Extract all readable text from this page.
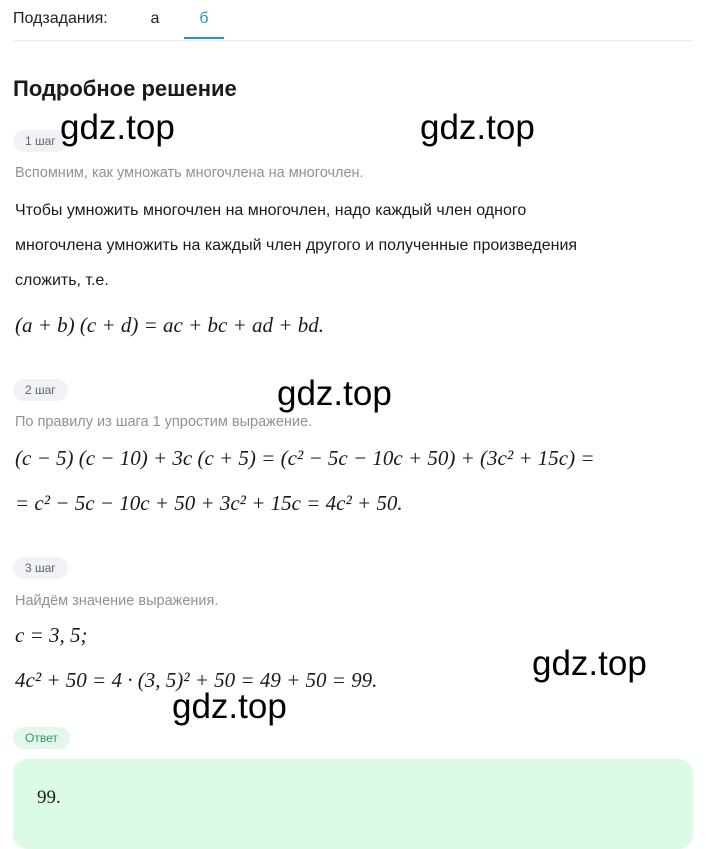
Подзадания:	а	б
Подробное решение
1 шаг
Вспомним, как умножать многочлена на многочлен.
Чтобы умножить многочлен на многочлен, надо каждый член одного
многочлена умножить на каждый член другого и полученные произведения
сложить, т.е.
(a + b) (c + d) = ac + bc + ad + bd.
2 шаг
По правилу из шага 1 упростим выражение.
(c − 5) (c − 10) + 3c (c + 5) = (c² − 5c − 10c + 50) + (3c² + 15c) =
= c² − 5c − 10c + 50 + 3c² + 15c = 4c² + 50.
3 шаг
Найдём значение выражения.
c = 3, 5;
4c² + 50 = 4 · (3, 5)² + 50 = 49 + 50 = 99.
Ответ
99.
gdz.top	gdz.top
gdz.top
gdz.top
gdz.top
